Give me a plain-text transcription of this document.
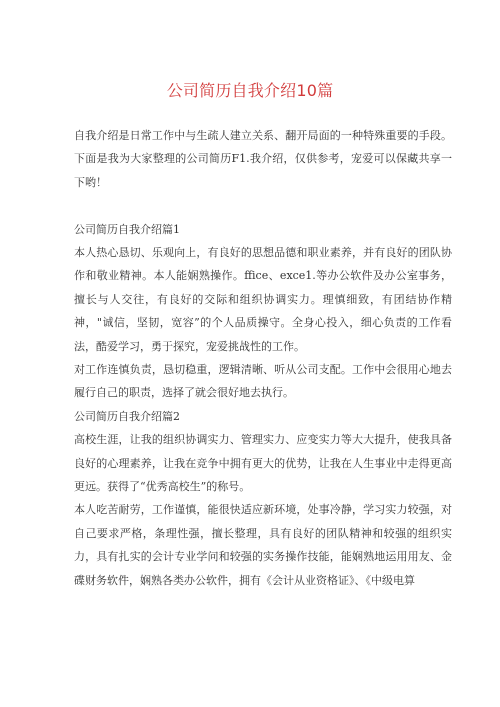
公司简历自我介绍10篇

自我介绍是日常工作中与生疏人建立关系、翻开局面的一种特殊重要的手段。下面是我为大家整理的公司简历F1.我介绍，仅供参考，宠爱可以保藏共享一下哟！

公司简历自我介绍篇1

本人热心恳切、乐观向上，有良好的思想品德和职业素养，并有良好的团队协作和敬业精神。本人能娴熟操作。ffice、exce1.等办公软件及办公室事务，擅长与人交往，有良好的交际和组织协调实力。理慎细致，有团结协作精神，"诚信，坚韧，宽容”的个人品质操守。全身心投入，细心负责的工作看法，酷爱学习，勇于探究，宠爱挑战性的工作。

对工作连慎负责，恳切稳重，逻辑清晰、听从公司支配。工作中会很用心地去履行自己的职责，选择了就会很好地去执行。

公司简历自我介绍篇2

高校生涯，让我的组织协调实力、管理实力、应变实力等大大提升，使我具备良好的心理素养，让我在竞争中拥有更大的优势，让我在人生事业中走得更高更远。获得了“优秀高校生”的称号。

本人吃苦耐劳，工作谨慎，能很快适应新环境，处事冷静，学习实力较强，对自己要求严格，条理性强，擅长整理，具有良好的团队精神和较强的组织实力，具有扎实的会计专业学问和较强的实务操作技能，能娴熟地运用用友、金碟财务软件，娴熟各类办公软件，拥有《会计从业资格证》、《中级电算
